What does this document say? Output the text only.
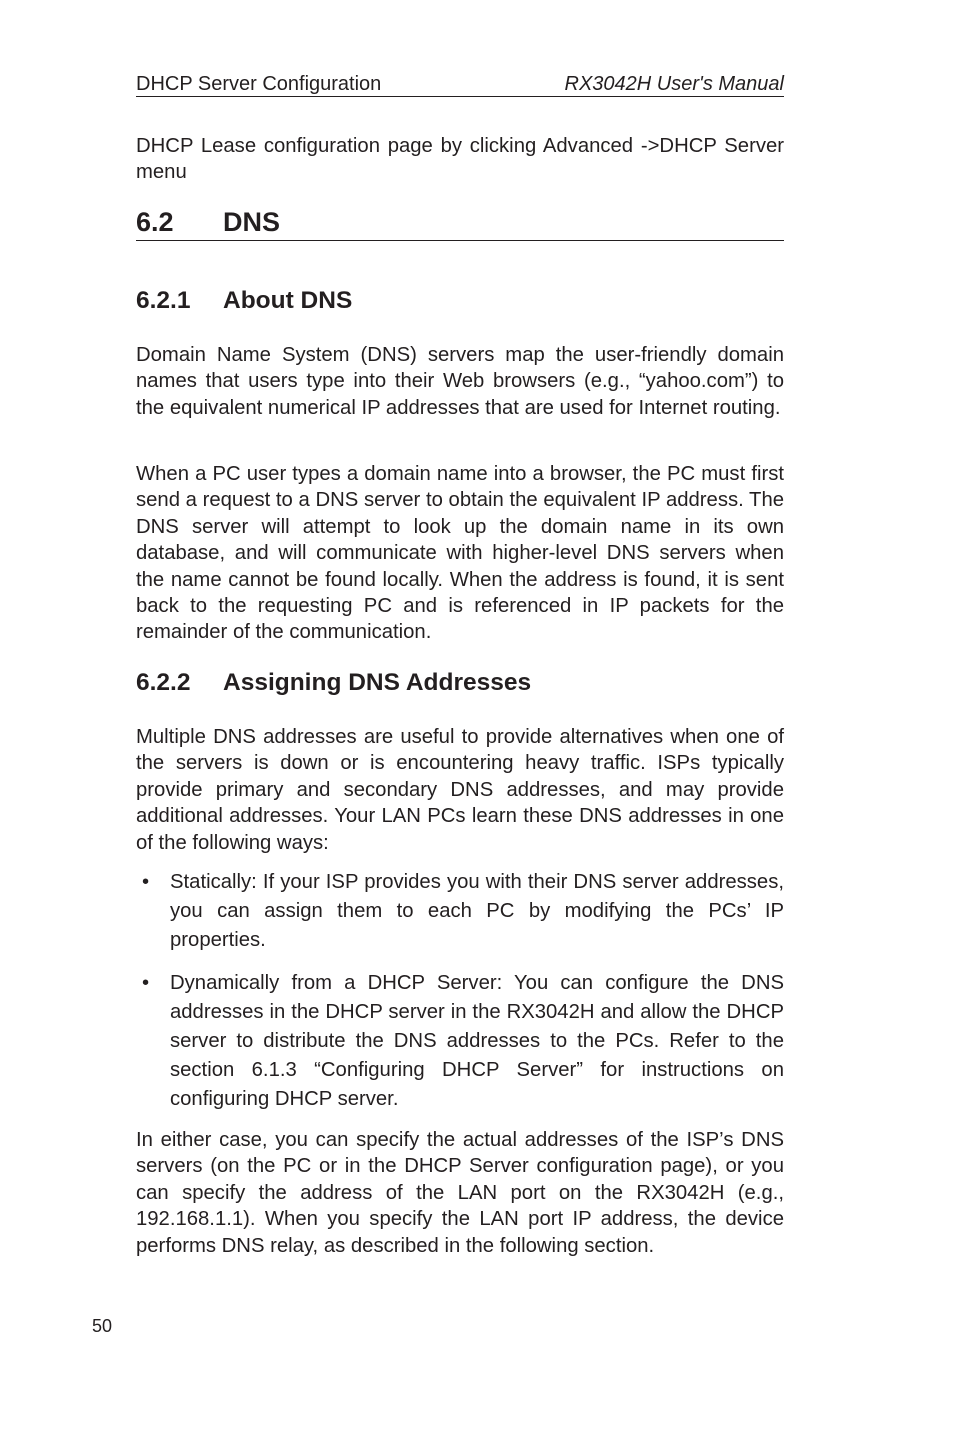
DHCP Server Configuration	RX3042H User's Manual

DHCP Lease configuration page by clicking Advanced ->DHCP Server menu

6.2 DNS
6.2.1 About DNS

Domain Name System (DNS) servers map the user-friendly domain names that users type into their Web browsers (e.g., “yahoo.com”) to the equivalent numerical IP addresses that are used for Internet routing.

When a PC user types a domain name into a browser, the PC must first send a request to a DNS server to obtain the equivalent IP address. The DNS server will attempt to look up the domain name in its own database, and will communicate with higher-level DNS servers when the name cannot be found locally. When the address is found, it is sent back to the requesting PC and is referenced in IP packets for the remainder of the communication.

6.2.2 Assigning DNS Addresses

Multiple DNS addresses are useful to provide alternatives when one of the servers is down or is encountering heavy traffic. ISPs typically provide primary and secondary DNS addresses, and may provide additional addresses. Your LAN PCs learn these DNS addresses in one of the following ways:

• Statically: If your ISP provides you with their DNS server addresses, you can assign them to each PC by modifying the PCs’ IP properties.
• Dynamically from a DHCP Server: You can configure the DNS addresses in the DHCP server in the RX3042H and allow the DHCP server to distribute the DNS addresses to the PCs. Refer to the section 6.1.3 “Configuring DHCP Server” for instructions on configuring DHCP server.

In either case, you can specify the actual addresses of the ISP’s DNS servers (on the PC or in the DHCP Server configuration page), or you can specify the address of the LAN port on the RX3042H (e.g., 192.168.1.1). When you specify the LAN port IP address, the device performs DNS relay, as described in the following section.

50
